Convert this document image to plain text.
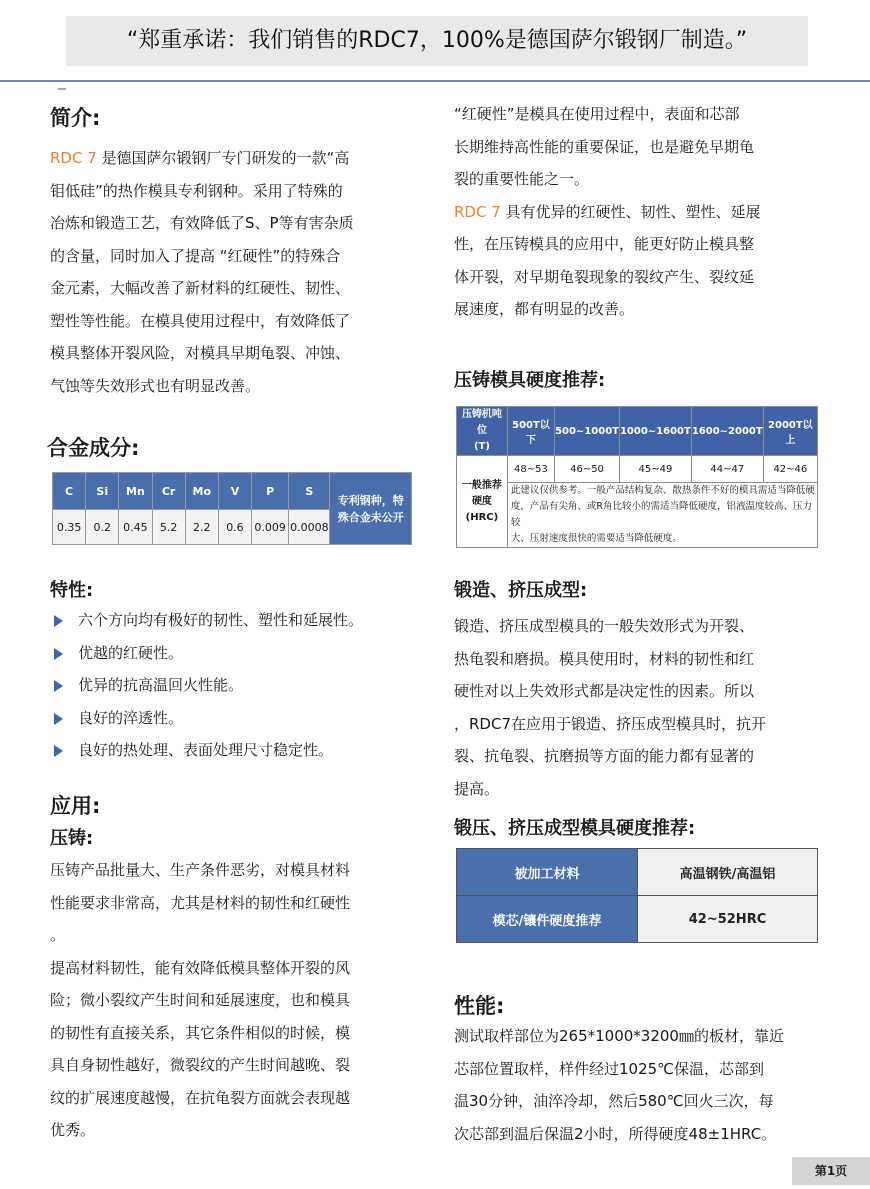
“郑重承诺：我们销售的RDC7，100%是德国萨尔锻钢厂制造。”
简介:

RDC 7 是德国萨尔锻钢厂专门研发的一款“高

钼低硅”的热作模具专利钢种。采用了特殊的

冶炼和锻造工艺，有效降低了S、P等有害杂质

的含量，同时加入了提高 “红硬性”的特殊合

金元素，大幅改善了新材料的红硬性、韧性、

塑性等性能。在模具使用过程中，有效降低了

模具整体开裂风险，对模具早期龟裂、冲蚀、

气蚀等失效形式也有明显改善。

合金成分:
C	Si	Mn	Cr	Mo	V	P	S	专利钢种，特
殊合金未公开

0.35	0.2	0.45	5.2	2.2	0.6	0.009	0.0008	
特性:
六个方向均有极好的韧性、塑性和延展性。
优越的红硬性。
优异的抗高温回火性能。
良好的淬透性。
良好的热处理、表面处理尺寸稳定性。
应用:
压铸:

压铸产品批量大、生产条件恶劣，对模具材料

性能要求非常高，尤其是材料的韧性和红硬性

。

提高材料韧性，能有效降低模具整体开裂的风

险；微小裂纹产生时间和延展速度，也和模具

的韧性有直接关系，其它条件相似的时候，模

具自身韧性越好，微裂纹的产生时间越晚、裂

纹的扩展速度越慢，在抗龟裂方面就会表现越

优秀。

“红硬性”是模具在使用过程中，表面和芯部

长期维持高性能的重要保证，也是避免早期龟

裂的重要性能之一。

RDC 7 具有优异的红硬性、韧性、塑性、延展

性，在压铸模具的应用中，能更好防止模具整

体开裂，对早期龟裂现象的裂纹产生、裂纹延

展速度，都有明显的改善。

压铸模具硬度推荐:
压铸机吨位
(T)	500T以下	500~1000T	1000~1600T	1600~2000T	2000T以上

一般推荐硬度
(HRC)	48~53	46~50	45~49	44~47	42~46

	此建议仅供参考。一般产品结构复杂、散热条件不好的模具需适当降低硬
度，产品有尖角、或R角比较小的需适当降低硬度，铝液温度较高、压力较
大、压射速度很快的需要适当降低硬度。				
锻造、挤压成型:

锻造、挤压成型模具的一般失效形式为开裂、

热龟裂和磨损。模具使用时，材料的韧性和红

硬性对以上失效形式都是决定性的因素。所以

，RDC7在应用于锻造、挤压成型模具时，抗开

裂、抗龟裂、抗磨损等方面的能力都有显著的

提高。

锻压、挤压成型模具硬度推荐:
被加工材料	高温钢铁/高温铝
模芯/镶件硬度推荐	42~52HRC
性能:

测试取样部位为265*1000*3200㎜的板材，靠近

芯部位置取样，样件经过1025℃保温，芯部到

温30分钟，油淬冷却，然后580℃回火三次，每

次芯部到温后保温2小时，所得硬度48±1HRC。

第1页
